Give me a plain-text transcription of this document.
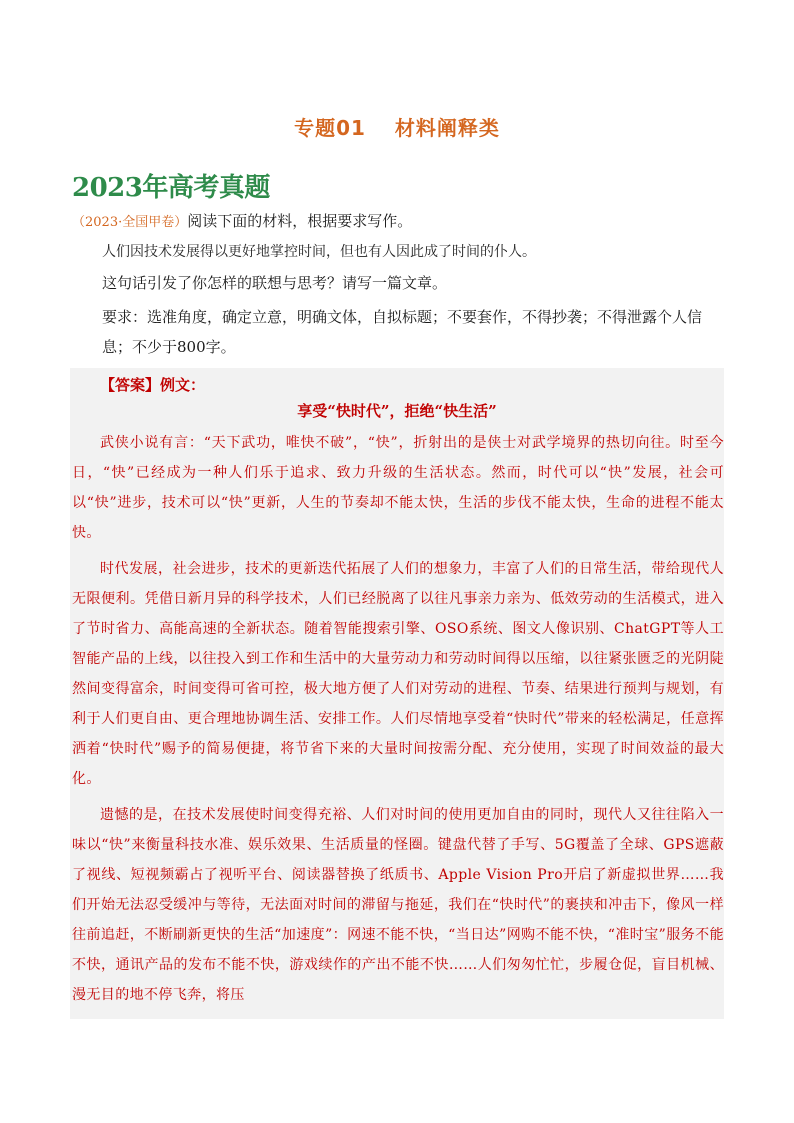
专题01　 材料阐释类
2023年高考真题
（2023·全国甲卷）阅读下面的材料，根据要求写作。
人们因技术发展得以更好地掌控时间，但也有人因此成了时间的仆人。
这句话引发了你怎样的联想与思考？请写一篇文章。
要求：选准角度，确定立意，明确文体，自拟标题；不要套作，不得抄袭；不得泄露个人信息；不少于800字。
【答案】例文：
享受“快时代”，拒绝“快生活”

武侠小说有言：“天下武功，唯快不破”，“快”，折射出的是侠士对武学境界的热切向往。时至今日，“快”已经成为一种人们乐于追求、致力升级的生活状态。然而，时代可以“快”发展，社会可以“快”进步，技术可以“快”更新，人生的节奏却不能太快，生活的步伐不能太快，生命的进程不能太快。

时代发展，社会进步，技术的更新迭代拓展了人们的想象力，丰富了人们的日常生活，带给现代人无限便利。凭借日新月异的科学技术，人们已经脱离了以往凡事亲力亲为、低效劳动的生活模式，进入了节时省力、高能高速的全新状态。随着智能搜索引擎、OSO系统、图文人像识别、ChatGPT等人工智能产品的上线，以往投入到工作和生活中的大量劳动力和劳动时间得以压缩，以往紧张匮乏的光阴陡然间变得富余，时间变得可省可控，极大地方便了人们对劳动的进程、节奏、结果进行预判与规划，有利于人们更自由、更合理地协调生活、安排工作。人们尽情地享受着“快时代”带来的轻松满足，任意挥洒着“快时代”赐予的简易便捷，将节省下来的大量时间按需分配、充分使用，实现了时间效益的最大化。

遗憾的是，在技术发展使时间变得充裕、人们对时间的使用更加自由的同时，现代人又往往陷入一味以“快”来衡量科技水准、娱乐效果、生活质量的怪圈。键盘代替了手写、5G覆盖了全球、GPS遮蔽了视线、短视频霸占了视听平台、阅读器替换了纸质书、Apple Vision Pro开启了新虚拟世界……我们开始无法忍受缓冲与等待，无法面对时间的滞留与拖延，我们在“快时代”的裹挟和冲击下，像风一样往前追赶，不断刷新更快的生活“加速度”：网速不能不快，“当日达”网购不能不快，“准时宝”服务不能不快，通讯产品的发布不能不快，游戏续作的产出不能不快……人们匆匆忙忙，步履仓促，盲目机械、漫无目的地不停飞奔，将压
